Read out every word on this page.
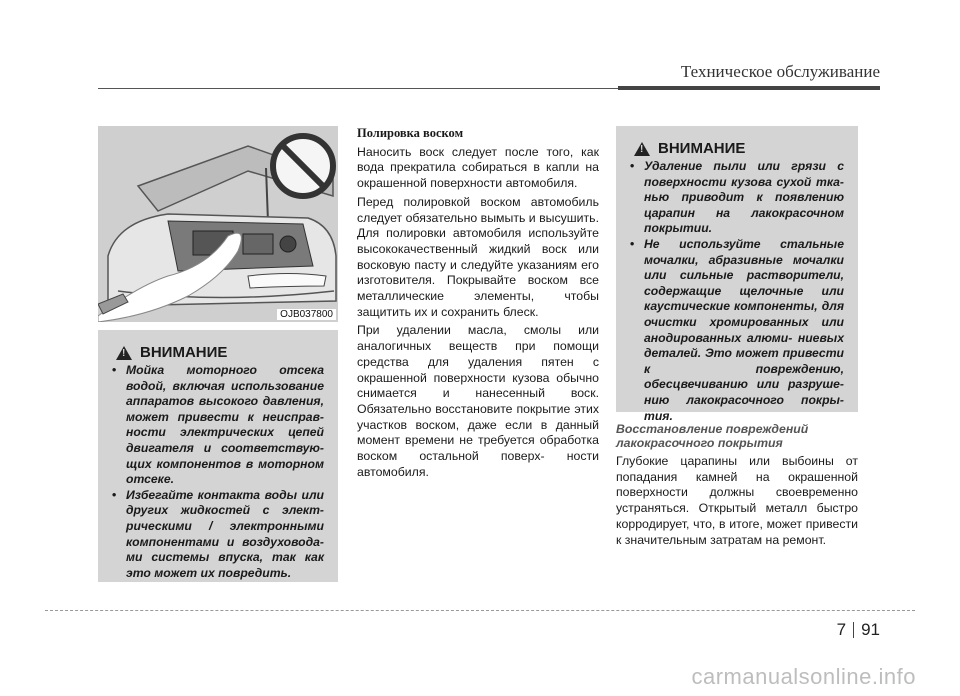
Техническое обслуживание
OJB037800
!
ВНИМАНИЕ
• Мойка моторного отсека водой, включая использование аппаратов высокого давления, может привести к неисправ- ности электрических цепей двигателя и соответствую- щих компонентов в моторном отсеке.
• Избегайте контакта воды или других жидкостей с элект- рическими / электронными компонентами и воздуховода- ми системы впуска, так как это может их повредить.
Полировка воском

Наносить воск следует после того, как вода прекратила собираться в капли на окрашенной поверхности автомобиля.

Перед полировкой воском автомобиль следует обязательно вымыть и высушить. Для полировки автомобиля используйте высококачественный жидкий воск или восковую пасту и следуйте указаниям его изготовителя. Покрывайте воском все металлические элементы, чтобы защитить их и сохранить блеск.

При удалении масла, смолы или аналогичных веществ при помощи средства для удаления пятен с окрашенной поверхности кузова обычно снимается и нанесенный воск. Обязательно восстановите покрытие этих участков воском, даже если в данный момент времени не требуется обработка воском остальной поверх- ности автомобиля.

!
ВНИМАНИЕ
• Удаление пыли или грязи с поверхности кузова сухой тка- нью приводит к появлению царапин на лакокрасочном покрытии.
• Не используйте стальные мочалки, абразивные мочалки или сильные растворители, содержащие щелочные или каустические компоненты, для очистки хромированных или анодированных алюми- ниевых деталей. Это может привести к повреждению, обесцвечиванию или разруше- нию лакокрасочного покры- тия.
Восстановление повреждений лакокрасочного покрытия

Глубокие царапины или выбоины от попадания камней на окрашенной поверхности должны своевременно устраняться. Открытый металл быстро корродирует, что, в итоге, может привести к значительным затратам на ремонт.

7 91
carmanualsonline.info
